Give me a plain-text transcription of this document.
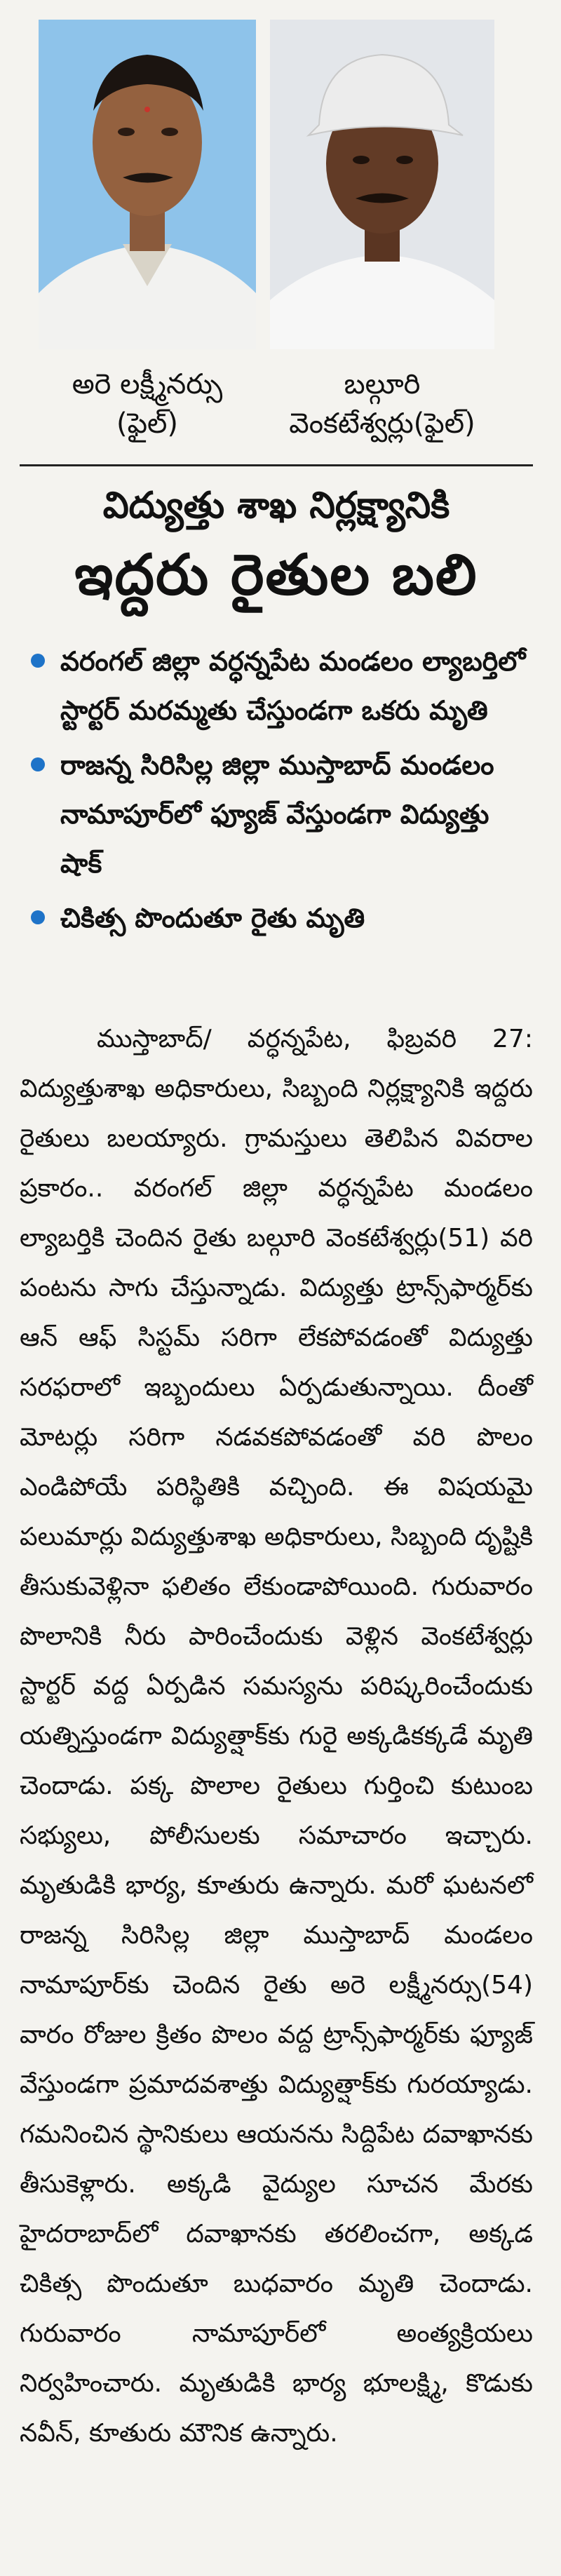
అరె లక్ష్మీనర్సు
(ఫైల్)
బల్గూరి
వెంకటేశ్వర్లు(ఫైల్)
విద్యుత్తు శాఖ నిర్లక్ష్యానికి
ఇద్దరు రైతుల బలి
వరంగల్ జిల్లా వర్ధన్నపేట మండలం ల్యాబర్తిలో స్టార్టర్ మరమ్మతు చేస్తుండగా ఒకరు మృతి
రాజన్న సిరిసిల్ల జిల్లా ముస్తాబాద్ మండలం నామాపూర్‌లో ఫ్యూజ్ వేస్తుండగా విద్యుత్తు షాక్
చికిత్స పొందుతూ రైతు మృతి

ముస్తాబాద్/ వర్ధన్నపేట, ఫిబ్రవరి 27: విద్యుత్తుశాఖ అధికారులు, సిబ్బంది నిర్లక్ష్యానికి ఇద్దరు రైతులు బలయ్యారు. గ్రామస్తులు తెలిపిన వివరాల ప్రకారం.. వరంగల్ జిల్లా వర్ధన్నపేట మండలం ల్యాబర్తికి చెందిన రైతు బల్గూరి వెంకటేశ్వర్లు(51) వరి పంటను సాగు చేస్తున్నాడు. విద్యుత్తు ట్రాన్స్‌ఫార్మర్‌కు ఆన్ ఆఫ్ సిస్టమ్ సరిగా లేకపోవడంతో విద్యుత్తు సరఫరాలో ఇబ్బందులు ఏర్పడుతున్నాయి. దీంతో మోటర్లు సరిగా నడవకపోవడంతో వరి పొలం ఎండిపోయే పరిస్థితికి వచ్చింది. ఈ విషయమై పలుమార్లు విద్యుత్తుశాఖ అధికారులు, సిబ్బంది దృష్టికి తీసుకువెళ్లినా ఫలితం లేకుండాపోయింది. గురువారం పొలానికి నీరు పారించేందుకు వెళ్లిన వెంకటేశ్వర్లు స్టార్టర్ వద్ద ఏర్పడిన సమస్యను పరిష్కరించేందుకు యత్నిస్తుండగా విద్యుత్షాక్‌కు గురై అక్కడికక్కడే మృతి చెందాడు. పక్క పొలాల రైతులు గుర్తించి కుటుంబ సభ్యులు, పోలీసులకు సమాచారం ఇచ్చారు. మృతుడికి భార్య, కూతురు ఉన్నారు. మరో ఘటనలో రాజన్న సిరిసిల్ల జిల్లా ముస్తాబాద్ మండలం నామాపూర్‌కు చెందిన రైతు అరె లక్ష్మీనర్సు(54) వారం రోజుల క్రితం పొలం వద్ద ట్రాన్స్‌ఫార్మర్‌కు ఫ్యూజ్ వేస్తుండగా ప్రమాదవశాత్తు విద్యుత్షాక్‌కు గురయ్యాడు. గమనించిన స్థానికులు ఆయనను సిద్దిపేట దవాఖానకు తీసుకెళ్లారు. అక్కడి వైద్యుల సూచన మేరకు హైదరాబాద్‌లో దవాఖానకు తరలించగా, అక్కడ చికిత్స పొందుతూ బుధవారం మృతి చెందాడు. గురువారం నామాపూర్‌లో అంత్యక్రియలు నిర్వహించారు. మృతుడికి భార్య భూలక్ష్మి, కొడుకు నవీన్, కూతురు మౌనిక ఉన్నారు.
